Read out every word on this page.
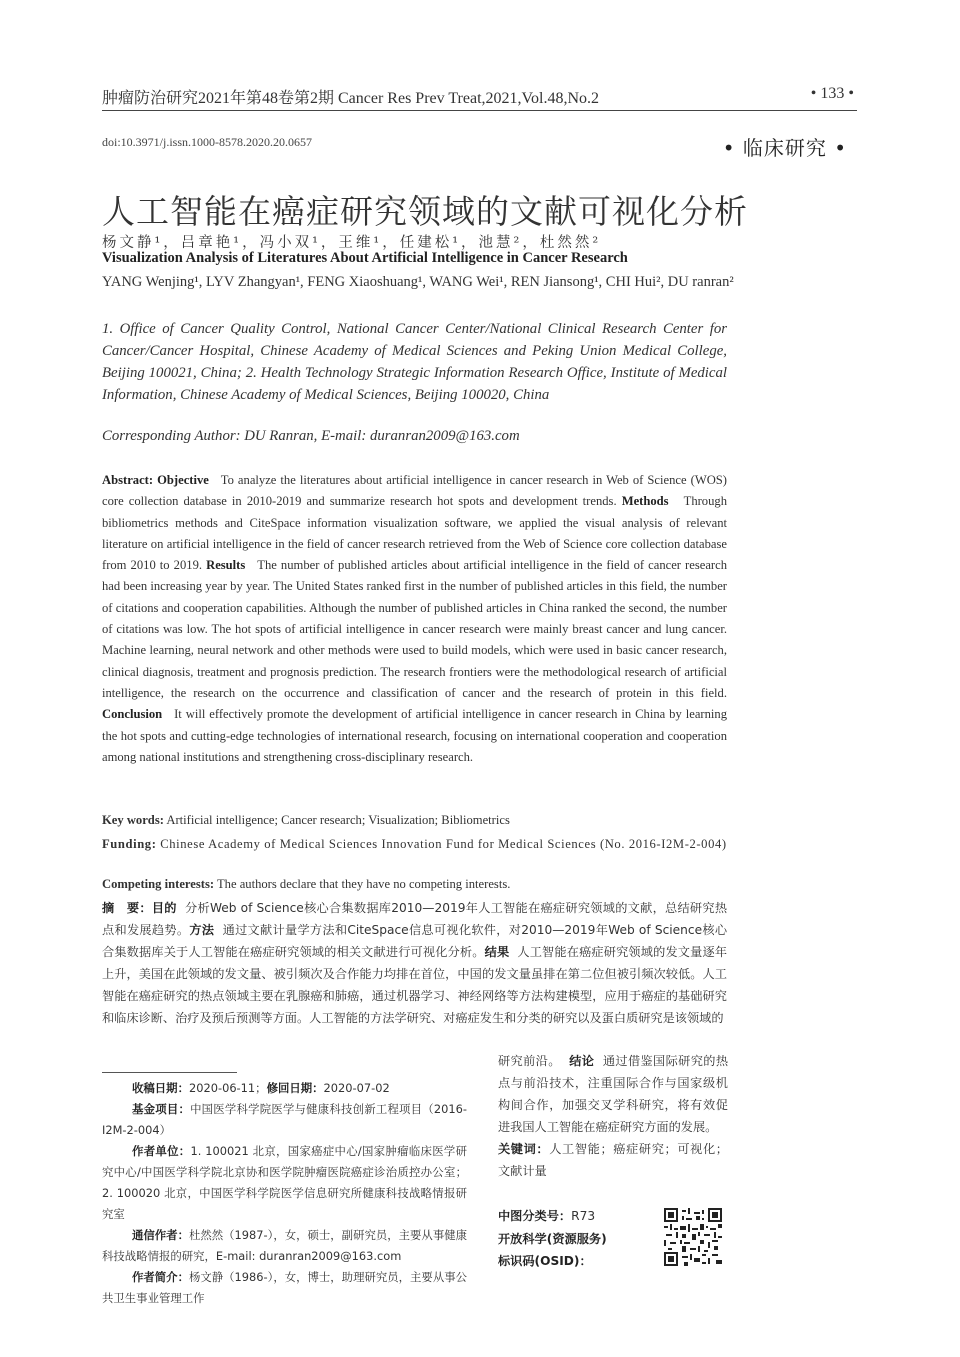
肿瘤防治研究2021年第48卷第2期 Cancer Res Prev Treat,2021,Vol.48,No.2	• 133 •
doi:10.3971/j.issn.1000-8578.2020.20.0657	• 临床研究 •
人工智能在癌症研究领域的文献可视化分析
杨文静¹，吕章艳¹，冯小双¹，王维¹，任建松¹，池慧²，杜然然²
Visualization Analysis of Literatures About Artificial Intelligence in Cancer Research
YANG Wenjing¹, LYV Zhangyan¹, FENG Xiaoshuang¹, WANG Wei¹, REN Jiansong¹, CHI Hui², DU ranran²
1. Office of Cancer Quality Control, National Cancer Center/National Clinical Research Center for Cancer/Cancer Hospital, Chinese Academy of Medical Sciences and Peking Union Medical College, Beijing 100021, China; 2. Health Technology Strategic Information Research Office, Institute of Medical Information, Chinese Academy of Medical Sciences, Beijing 100020, China
Corresponding Author: DU Ranran, E-mail: duranran2009@163.com
Abstract: Objective To analyze the literatures about artificial intelligence in cancer research in Web of Science (WOS) core collection database in 2010-2019 and summarize research hot spots and development trends. Methods Through bibliometrics methods and CiteSpace information visualization software, we applied the visual analysis of relevant literature on artificial intelligence in the field of cancer research retrieved from the Web of Science core collection database from 2010 to 2019. Results The number of published articles about artificial intelligence in the field of cancer research had been increasing year by year. The United States ranked first in the number of published articles in this field, the number of citations and cooperation capabilities. Although the number of published articles in China ranked the second, the number of citations was low. The hot spots of artificial intelligence in cancer research were mainly breast cancer and lung cancer. Machine learning, neural network and other methods were used to build models, which were used in basic cancer research, clinical diagnosis, treatment and prognosis prediction. The research frontiers were the methodological research of artificial intelligence, the research on the occurrence and classification of cancer and the research of protein in this field. Conclusion It will effectively promote the development of artificial intelligence in cancer research in China by learning the hot spots and cutting-edge technologies of international research, focusing on international cooperation and cooperation among national institutions and strengthening cross-disciplinary research.
Key words: Artificial intelligence; Cancer research; Visualization; Bibliometrics
Funding: Chinese Academy of Medical Sciences Innovation Fund for Medical Sciences (No. 2016-I2M-2-004)
Competing interests: The authors declare that they have no competing interests.
摘　要：目的 分析Web of Science核心合集数据库2010—2019年人工智能在癌症研究领域的文献，总结研究热点和发展趋势。方法 通过文献计量学方法和CiteSpace信息可视化软件，对2010—2019年Web of Science核心合集数据库关于人工智能在癌症研究领域的相关文献进行可视化分析。结果 人工智能在癌症研究领域的发文量逐年上升，美国在此领域的发文量、被引频次及合作能力均排在首位，中国的发文量虽排在第二位但被引频次较低。人工智能在癌症研究的热点领域主要在乳腺癌和肺癌，通过机器学习、神经网络等方法构建模型，应用于癌症的基础研究和临床诊断、治疗及预后预测等方面。人工智能的方法学研究、对癌症发生和分类的研究以及蛋白质研究是该领域的
研究前沿。 结论 通过借鉴国际研究的热点与前沿技术，注重国际合作与国家级机构间合作，加强交叉学科研究，将有效促进我国人工智能在癌症研究方面的发展。
关键词：人工智能；癌症研究；可视化；文献计量
中图分类号：R73
开放科学(资源服务)
标识码(OSID)：
收稿日期：2020-06-11；修回日期：2020-07-02
基金项目：中国医学科学院医学与健康科技创新工程项目（2016-I2M-2-004）
作者单位：1. 100021 北京，国家癌症中心/国家肿瘤临床医学研究中心/中国医学科学院北京协和医学院肿瘤医院癌症诊治质控办公室；2. 100020 北京，中国医学科学院医学信息研究所健康科技战略情报研究室
通信作者：杜然然（1987-），女，硕士，副研究员，主要从事健康科技战略情报的研究，E-mail: duranran2009@163.com
作者简介：杨文静（1986-），女，博士，助理研究员，主要从事公共卫生事业管理工作
